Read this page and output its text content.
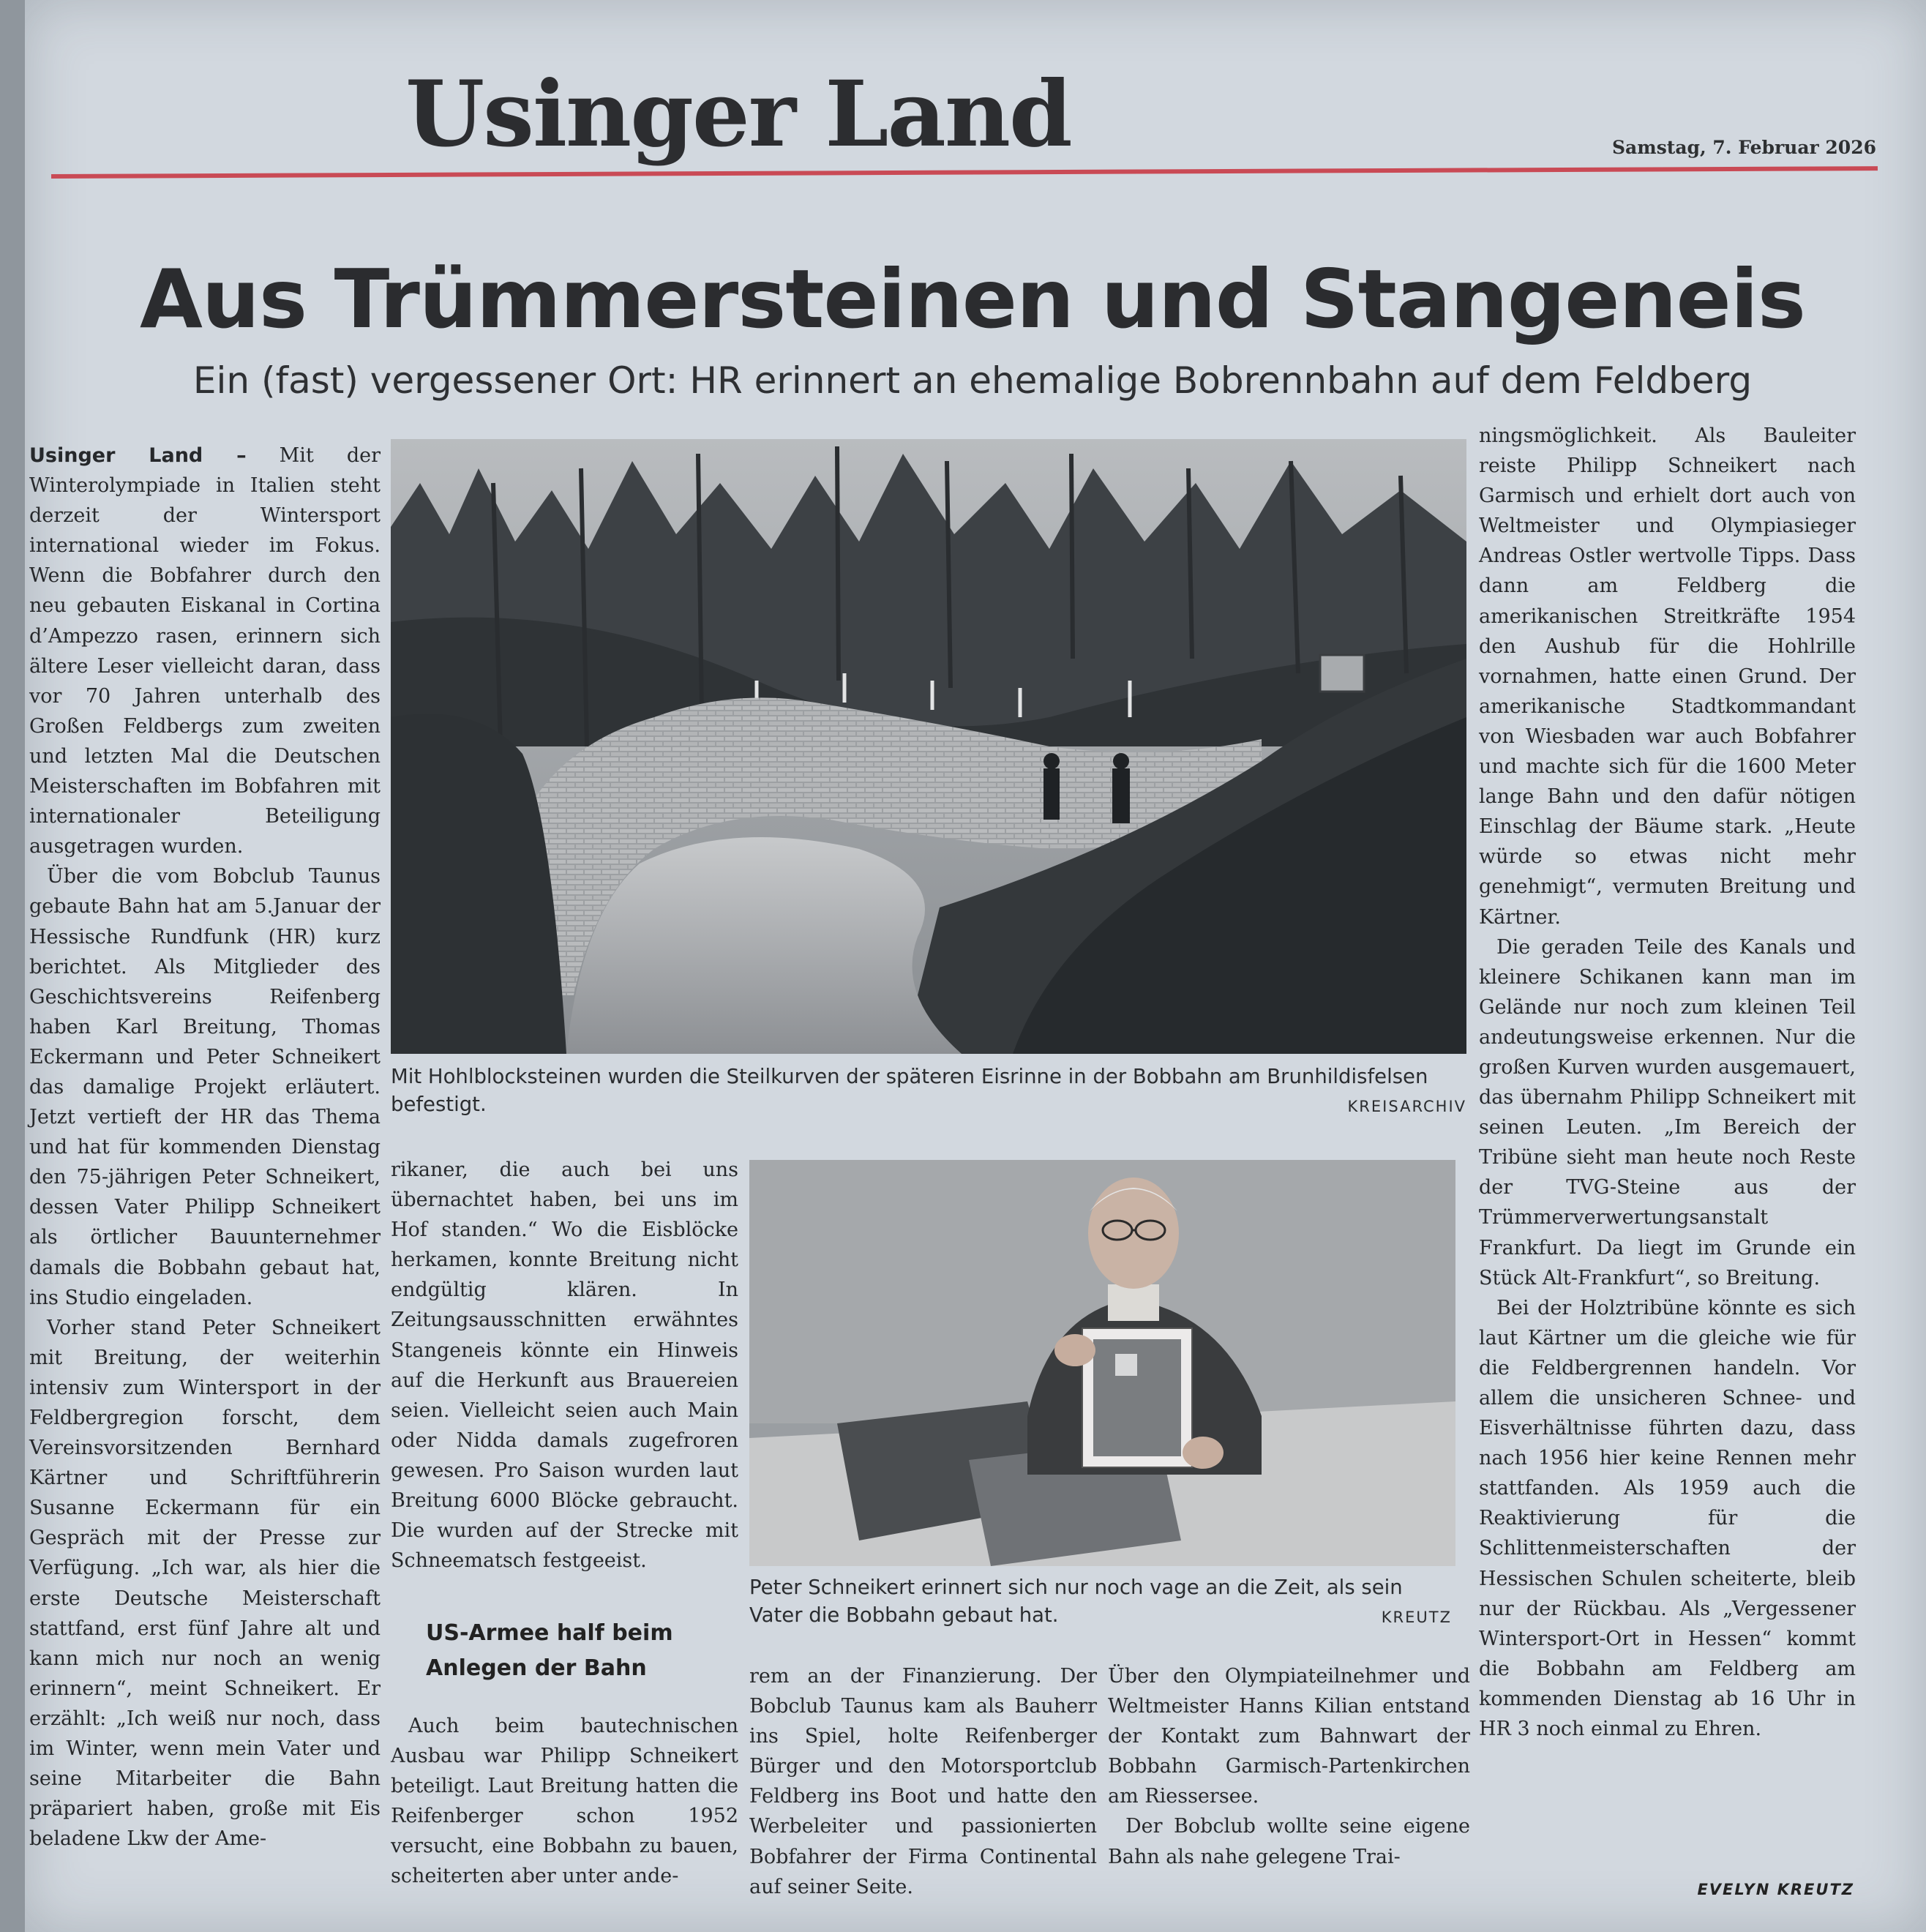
Usinger Land	Samstag, 7. Februar 2026
Aus Trümmersteinen und Stangeneis
Ein (fast) vergessener Ort: HR erinnert an ehemalige Bobrennbahn auf dem Feldberg

Usinger Land – Mit der Winterolympiade in Italien steht derzeit der Wintersport international wieder im Fokus. Wenn die Bobfahrer durch den neu gebauten Eiskanal in Cortina d’Ampezzo rasen, erinnern sich ältere Leser vielleicht daran, dass vor 70 Jahren unterhalb des Großen Feldbergs zum zweiten und letzten Mal die Deutschen Meisterschaften im Bobfahren mit internationaler Beteiligung ausgetragen wurden.

Über die vom Bobclub Taunus gebaute Bahn hat am 5.Januar der Hessische Rundfunk (HR) kurz berichtet. Als Mitglieder des Geschichtsvereins Reifenberg haben Karl Breitung, Thomas Eckermann und Peter Schneikert das damalige Projekt erläutert. Jetzt vertieft der HR das Thema und hat für kommenden Dienstag den 75-jährigen Peter Schneikert, dessen Vater Philipp Schneikert als örtlicher Bauunternehmer damals die Bobbahn gebaut hat, ins Studio eingeladen.

Vorher stand Peter Schneikert mit Breitung, der weiterhin intensiv zum Wintersport in der Feldbergregion forscht, dem Vereinsvorsitzenden Bernhard Kärtner und Schriftführerin Susanne Eckermann für ein Gespräch mit der Presse zur Verfügung. „Ich war, als hier die erste Deutsche Meisterschaft stattfand, erst fünf Jahre alt und kann mich nur noch an wenig erinnern“, meint Schneikert. Er erzählt: „Ich weiß nur noch, dass im Winter, wenn mein Vater und seine Mitarbeiter die Bahn präpariert haben, große mit Eis beladene Lkw der Ame-

Mit Hohlblocksteinen wurden die Steilkurven der späteren Eisrinne in der Bobbahn am Brunhildisfelsen befestigt.	KREISARCHIV

rikaner, die auch bei uns übernachtet haben, bei uns im Hof standen.“ Wo die Eisblöcke herkamen, konnte Breitung nicht endgültig klären. In Zeitungsausschnitten erwähntes Stangeneis könnte ein Hinweis auf die Herkunft aus Brauereien seien. Vielleicht seien auch Main oder Nidda damals zugefroren gewesen. Pro Saison wurden laut Breitung 6000 Blöcke gebraucht. Die wurden auf der Strecke mit Schneematsch festgeeist.

US-Armee half beim Anlegen der Bahn

Auch beim bautechnischen Ausbau war Philipp Schneikert beteiligt. Laut Breitung hatten die Reifenberger schon 1952 versucht, eine Bobbahn zu bauen, scheiterten aber unter ande-

Peter Schneikert erinnert sich nur noch vage an die Zeit, als sein Vater die Bobbahn gebaut hat.	KREUTZ

rem an der Finanzierung. Der Bobclub Taunus kam als Bauherr ins Spiel, holte Reifenberger Bürger und den Motorsportclub Feldberg ins Boot und hatte den Werbeleiter und passionierten Bobfahrer der Firma Continental auf seiner Seite.

Über den Olympiateilnehmer und Weltmeister Hanns Kilian entstand der Kontakt zum Bahnwart der Bobbahn Garmisch-Partenkirchen am Riessersee.

Der Bobclub wollte seine eigene Bahn als nahe gelegene Trai-

ningsmöglichkeit. Als Bauleiter reiste Philipp Schneikert nach Garmisch und erhielt dort auch von Weltmeister und Olympiasieger Andreas Ostler wertvolle Tipps. Dass dann am Feldberg die amerikanischen Streitkräfte 1954 den Aushub für die Hohlrille vornahmen, hatte einen Grund. Der amerikanische Stadtkommandant von Wiesbaden war auch Bobfahrer und machte sich für die 1600 Meter lange Bahn und den dafür nötigen Einschlag der Bäume stark. „Heute würde so etwas nicht mehr genehmigt“, vermuten Breitung und Kärtner.

Die geraden Teile des Kanals und kleinere Schikanen kann man im Gelände nur noch zum kleinen Teil andeutungsweise erkennen. Nur die großen Kurven wurden ausgemauert, das übernahm Philipp Schneikert mit seinen Leuten. „Im Bereich der Tribüne sieht man heute noch Reste der TVG-Steine aus der Trümmerverwertungsanstalt Frankfurt. Da liegt im Grunde ein Stück Alt-Frankfurt“, so Breitung.

Bei der Holztribüne könnte es sich laut Kärtner um die gleiche wie für die Feldbergrennen handeln. Vor allem die unsicheren Schnee- und Eisverhältnisse führten dazu, dass nach 1956 hier keine Rennen mehr stattfanden. Als 1959 auch die Reaktivierung für die Schlittenmeisterschaften der Hessischen Schulen scheiterte, bleib nur der Rückbau. Als „Vergessener Wintersport-Ort in Hessen“ kommt die Bobbahn am Feldberg am kommenden Dienstag ab 16 Uhr in HR 3 noch einmal zu Ehren.

EVELYN KREUTZ
